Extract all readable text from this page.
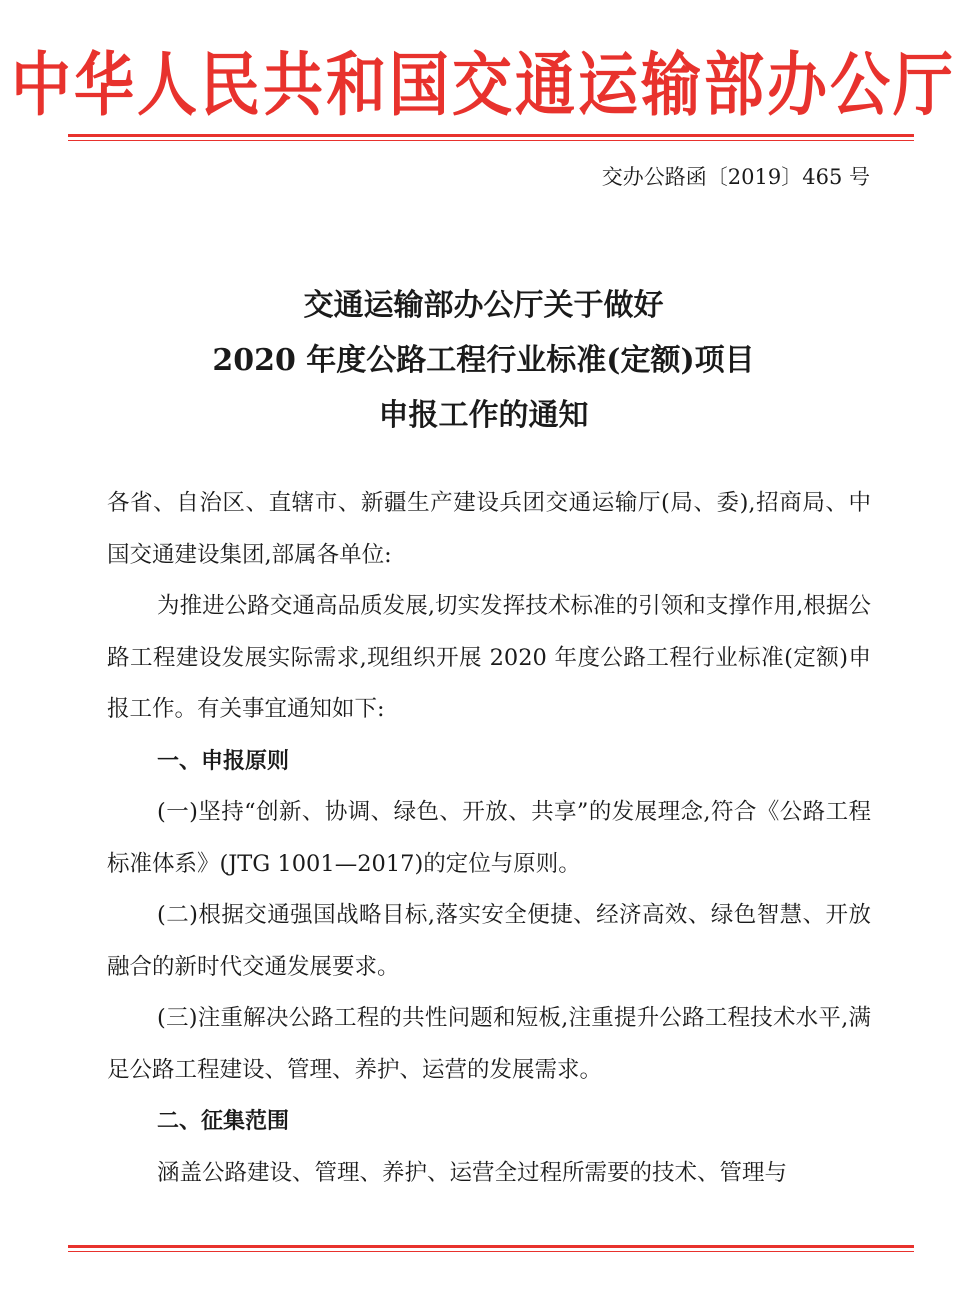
中华人民共和国交通运输部办公厅
交办公路函〔2019〕465 号
交通运输部办公厅关于做好
2020 年度公路工程行业标准(定额)项目
申报工作的通知

各省、自治区、直辖市、新疆生产建设兵团交通运输厅(局、委),招商局、中国交通建设集团,部属各单位:

为推进公路交通高品质发展,切实发挥技术标准的引领和支撑作用,根据公路工程建设发展实际需求,现组织开展 2020 年度公路工程行业标准(定额)申报工作。有关事宜通知如下:

一、申报原则

(一)坚持“创新、协调、绿色、开放、共享”的发展理念,符合《公路工程标准体系》(JTG 1001—2017)的定位与原则。

(二)根据交通强国战略目标,落实安全便捷、经济高效、绿色智慧、开放融合的新时代交通发展要求。

(三)注重解决公路工程的共性问题和短板,注重提升公路工程技术水平,满足公路工程建设、管理、养护、运营的发展需求。

二、征集范围

涵盖公路建设、管理、养护、运营全过程所需要的技术、管理与
